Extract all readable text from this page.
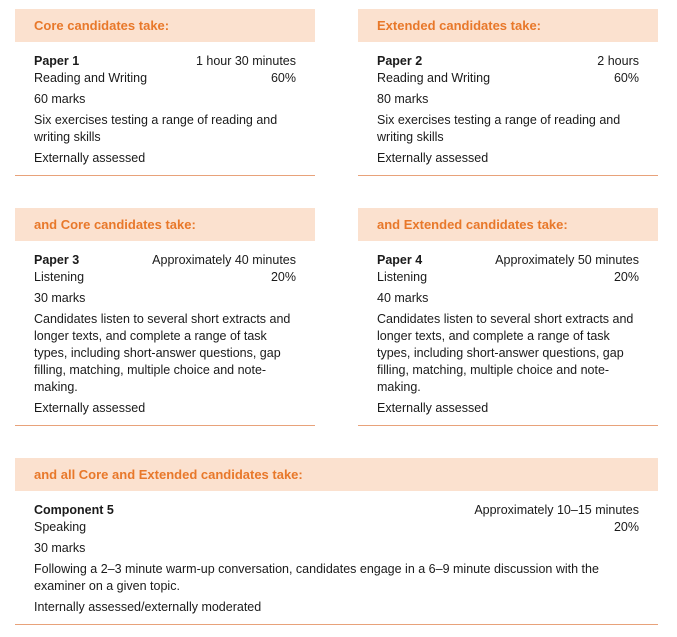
Core candidates take:
Paper 1	1 hour 30 minutes
Reading and Writing	60%
60 marks
Six exercises testing a range of reading and writing skills
Externally assessed
Extended candidates take:
Paper 2	2 hours
Reading and Writing	60%
80 marks
Six exercises testing a range of reading and writing skills
Externally assessed
and Core candidates take:
Paper 3	Approximately 40 minutes
Listening	20%
30 marks
Candidates listen to several short extracts and longer texts, and complete a range of task types, including short-answer questions, gap filling, matching, multiple choice and note-making.
Externally assessed
and Extended candidates take:
Paper 4	Approximately 50 minutes
Listening	20%
40 marks
Candidates listen to several short extracts and longer texts, and complete a range of task types, including short-answer questions, gap filling, matching, multiple choice and note-making.
Externally assessed
and all Core and Extended candidates take:
Component 5	Approximately 10–15 minutes
Speaking	20%
30 marks
Following a 2–3 minute warm-up conversation, candidates engage in a 6–9 minute discussion with the examiner on a given topic.
Internally assessed/externally moderated
